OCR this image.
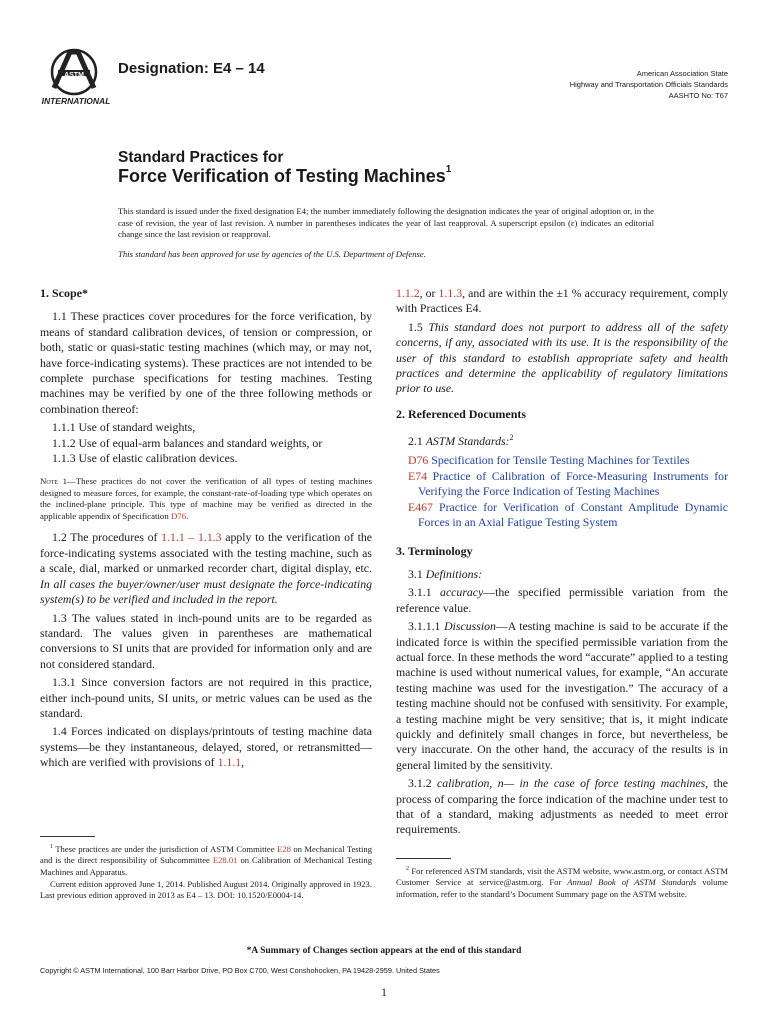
ASTM
INTERNATIONAL
Designation: E4 – 14	American Association State
Highway and Transportation Officials Standards
AASHTO No: T67
Standard Practices for
Force Verification of Testing Machines$^1$
This standard is issued under the fixed designation E4; the number immediately following the designation indicates the year of original adoption or, in the case of revision, the year of last revision. A number in parentheses indicates the year of last reapproval. A superscript epsilon (ε) indicates an editorial change since the last revision or reapproval.
This standard has been approved for use by agencies of the U.S. Department of Defense.
1. Scope*

1.1 These practices cover procedures for the force verification, by means of standard calibration devices, of tension or compression, or both, static or quasi-static testing machines (which may, or may not, have force-indicating systems). These practices are not intended to be complete purchase specifications for testing machines. Testing machines may be verified by one of the three following methods or combination thereof:

1.1.1 Use of standard weights,

1.1.2 Use of equal-arm balances and standard weights, or

1.1.3 Use of elastic calibration devices.

Note 1—These practices do not cover the verification of all types of testing machines designed to measure forces, for example, the constant-rate-of-loading type which operates on the inclined-plane principle. This type of machine may be verified as directed in the applicable appendix of Specification D76.

1.2 The procedures of 1.1.1 – 1.1.3 apply to the verification of the force-indicating systems associated with the testing machine, such as a scale, dial, marked or unmarked recorder chart, digital display, etc. In all cases the buyer/owner/user must designate the force-indicating system(s) to be verified and included in the report.

1.3 The values stated in inch-pound units are to be regarded as standard. The values given in parentheses are mathematical conversions to SI units that are provided for information only and are not considered standard.

1.3.1 Since conversion factors are not required in this practice, either inch-pound units, SI units, or metric values can be used as the standard.

1.4 Forces indicated on displays/printouts of testing machine data systems—be they instantaneous, delayed, stored, or retransmitted—which are verified with provisions of 1.1.1,

1.1.2, or 1.1.3, and are within the ±1 % accuracy requirement, comply with Practices E4.

1.5 This standard does not purport to address all of the safety concerns, if any, associated with its use. It is the responsibility of the user of this standard to establish appropriate safety and health practices and determine the applicability of regulatory limitations prior to use.

2. Referenced Documents

2.1 ASTM Standards:$^2$

D76 Specification for Tensile Testing Machines for Textiles
E74 Practice of Calibration of Force-Measuring Instruments for Verifying the Force Indication of Testing Machines
E467 Practice for Verification of Constant Amplitude Dynamic Forces in an Axial Fatigue Testing System
3. Terminology

3.1 Definitions:

3.1.1 accuracy—the specified permissible variation from the reference value.

3.1.1.1 Discussion—A testing machine is said to be accurate if the indicated force is within the specified permissible variation from the actual force. In these methods the word “accurate” applied to a testing machine is used without numerical values, for example, “An accurate testing machine was used for the investigation.” The accuracy of a testing machine should not be confused with sensitivity. For example, a testing machine might be very sensitive; that is, it might indicate quickly and definitely small changes in force, but nevertheless, be very inaccurate. On the other hand, the accuracy of the results is in general limited by the sensitivity.

3.1.2 calibration, n— in the case of force testing machines, the process of comparing the force indication of the machine under test to that of a standard, making adjustments as needed to meet error requirements.

$^1$ These practices are under the jurisdiction of ASTM Committee E28 on Mechanical Testing and is the direct responsibility of Subcommittee E28.01 on Calibration of Mechanical Testing Machines and Apparatus.

Current edition approved June 1, 2014. Published August 2014. Originally approved in 1923. Last previous edition approved in 2013 as E4 – 13. DOI: 10.1520/E0004-14.

$^2$ For referenced ASTM standards, visit the ASTM website, www.astm.org, or contact ASTM Customer Service at service@astm.org. For Annual Book of ASTM Standards volume information, refer to the standard’s Document Summary page on the ASTM website.

*A Summary of Changes section appears at the end of this standard
Copyright © ASTM International, 100 Barr Harbor Drive, PO Box C700, West Conshohocken, PA 19428-2959. United States
1
